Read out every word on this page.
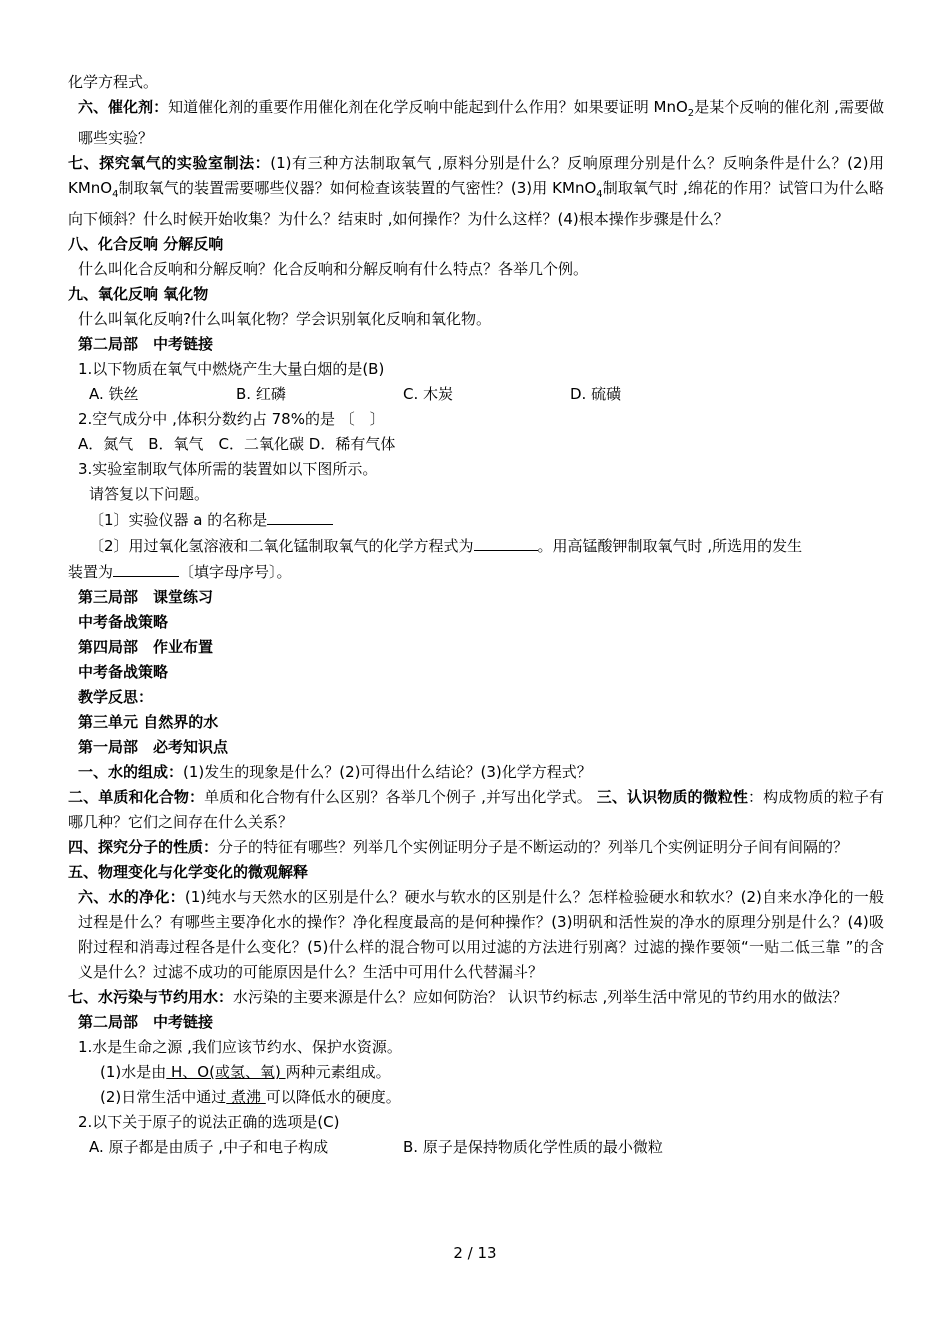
化学方程式。
六、催化剂：知道催化剂的重要作用催化剂在化学反响中能起到什么作用？如果要证明 MnO$_2$是某个反响的催化剂 ,需要做哪些实验？
七、探究氧气的实验室制法：(1)有三种方法制取氧气 ,原料分别是什么？反响原理分别是什么？反响条件是什么？(2)用 KMnO$_4$制取氧气的装置需要哪些仪器？如何检查该装置的气密性？(3)用 KMnO$_4$制取氧气时 ,绵花的作用？试管口为什么略向下倾斜？什么时候开始收集？为什么？结束时 ,如何操作？为什么这样？(4)根本操作步骤是什么？
八、化合反响 分解反响
什么叫化合反响和分解反响？化合反响和分解反响有什么特点？各举几个例。
九、氧化反响 氧化物
什么叫氧化反响?什么叫氧化物？学会识别氧化反响和氧化物。
第二局部　中考链接
1.以下物质在氧气中燃烧产生大量白烟的是(B)
A. 铁丝	B. 红磷	C. 木炭	D. 硫磺
2.空气成分中 ,体积分数约占 78%的是 〔　〕
A．氮气　B．氧气　C．二氧化碳 D．稀有气体
3.实验室制取气体所需的装置如以下图所示。
请答复以下问题。
〔1〕实验仪器 a 的名称是
〔2〕用过氧化氢溶液和二氧化锰制取氧气的化学方程式为	。用高锰酸钾制取氧气时 ,所选用的发生
装置为	〔填字母序号〕。
第三局部　课堂练习
中考备战策略
第四局部　作业布置
中考备战策略
教学反思：
第三单元 自然界的水
第一局部　必考知识点
一、水的组成：(1)发生的现象是什么？(2)可得出什么结论？(3)化学方程式？
二、单质和化合物：单质和化合物有什么区别？各举几个例子 ,并写出化学式。 三、认识物质的微粒性：构成物质的粒子有哪几种？它们之间存在什么关系？
四、探究分子的性质：分子的特征有哪些？列举几个实例证明分子是不断运动的？列举几个实例证明分子间有间隔的？
五、物理变化与化学变化的微观解释
六、水的净化：(1)纯水与天然水的区别是什么？硬水与软水的区别是什么？怎样检验硬水和软水？(2)自来水净化的一般过程是什么？有哪些主要净化水的操作？净化程度最高的是何种操作？(3)明矾和活性炭的净水的原理分别是什么？(4)吸附过程和消毒过程各是什么变化？(5)什么样的混合物可以用过滤的方法进行别离？过滤的操作要领“一贴二低三靠 ”的含义是什么？过滤不成功的可能原因是什么？生活中可用什么代替漏斗？
七、水污染与节约用水：水污染的主要来源是什么？应如何防治？ 认识节约标志 ,列举生活中常见的节约用水的做法？
第二局部　中考链接
1.水是生命之源 ,我们应该节约水、保护水资源。
(1)水是由 H、O(或氢、氧) 两种元素组成。
(2)日常生活中通过 煮沸 可以降低水的硬度。
2.以下关于原子的说法正确的选项是(C)
A. 原子都是由质子 ,中子和电子构成	B. 原子是保持物质化学性质的最小微粒
2 / 13
